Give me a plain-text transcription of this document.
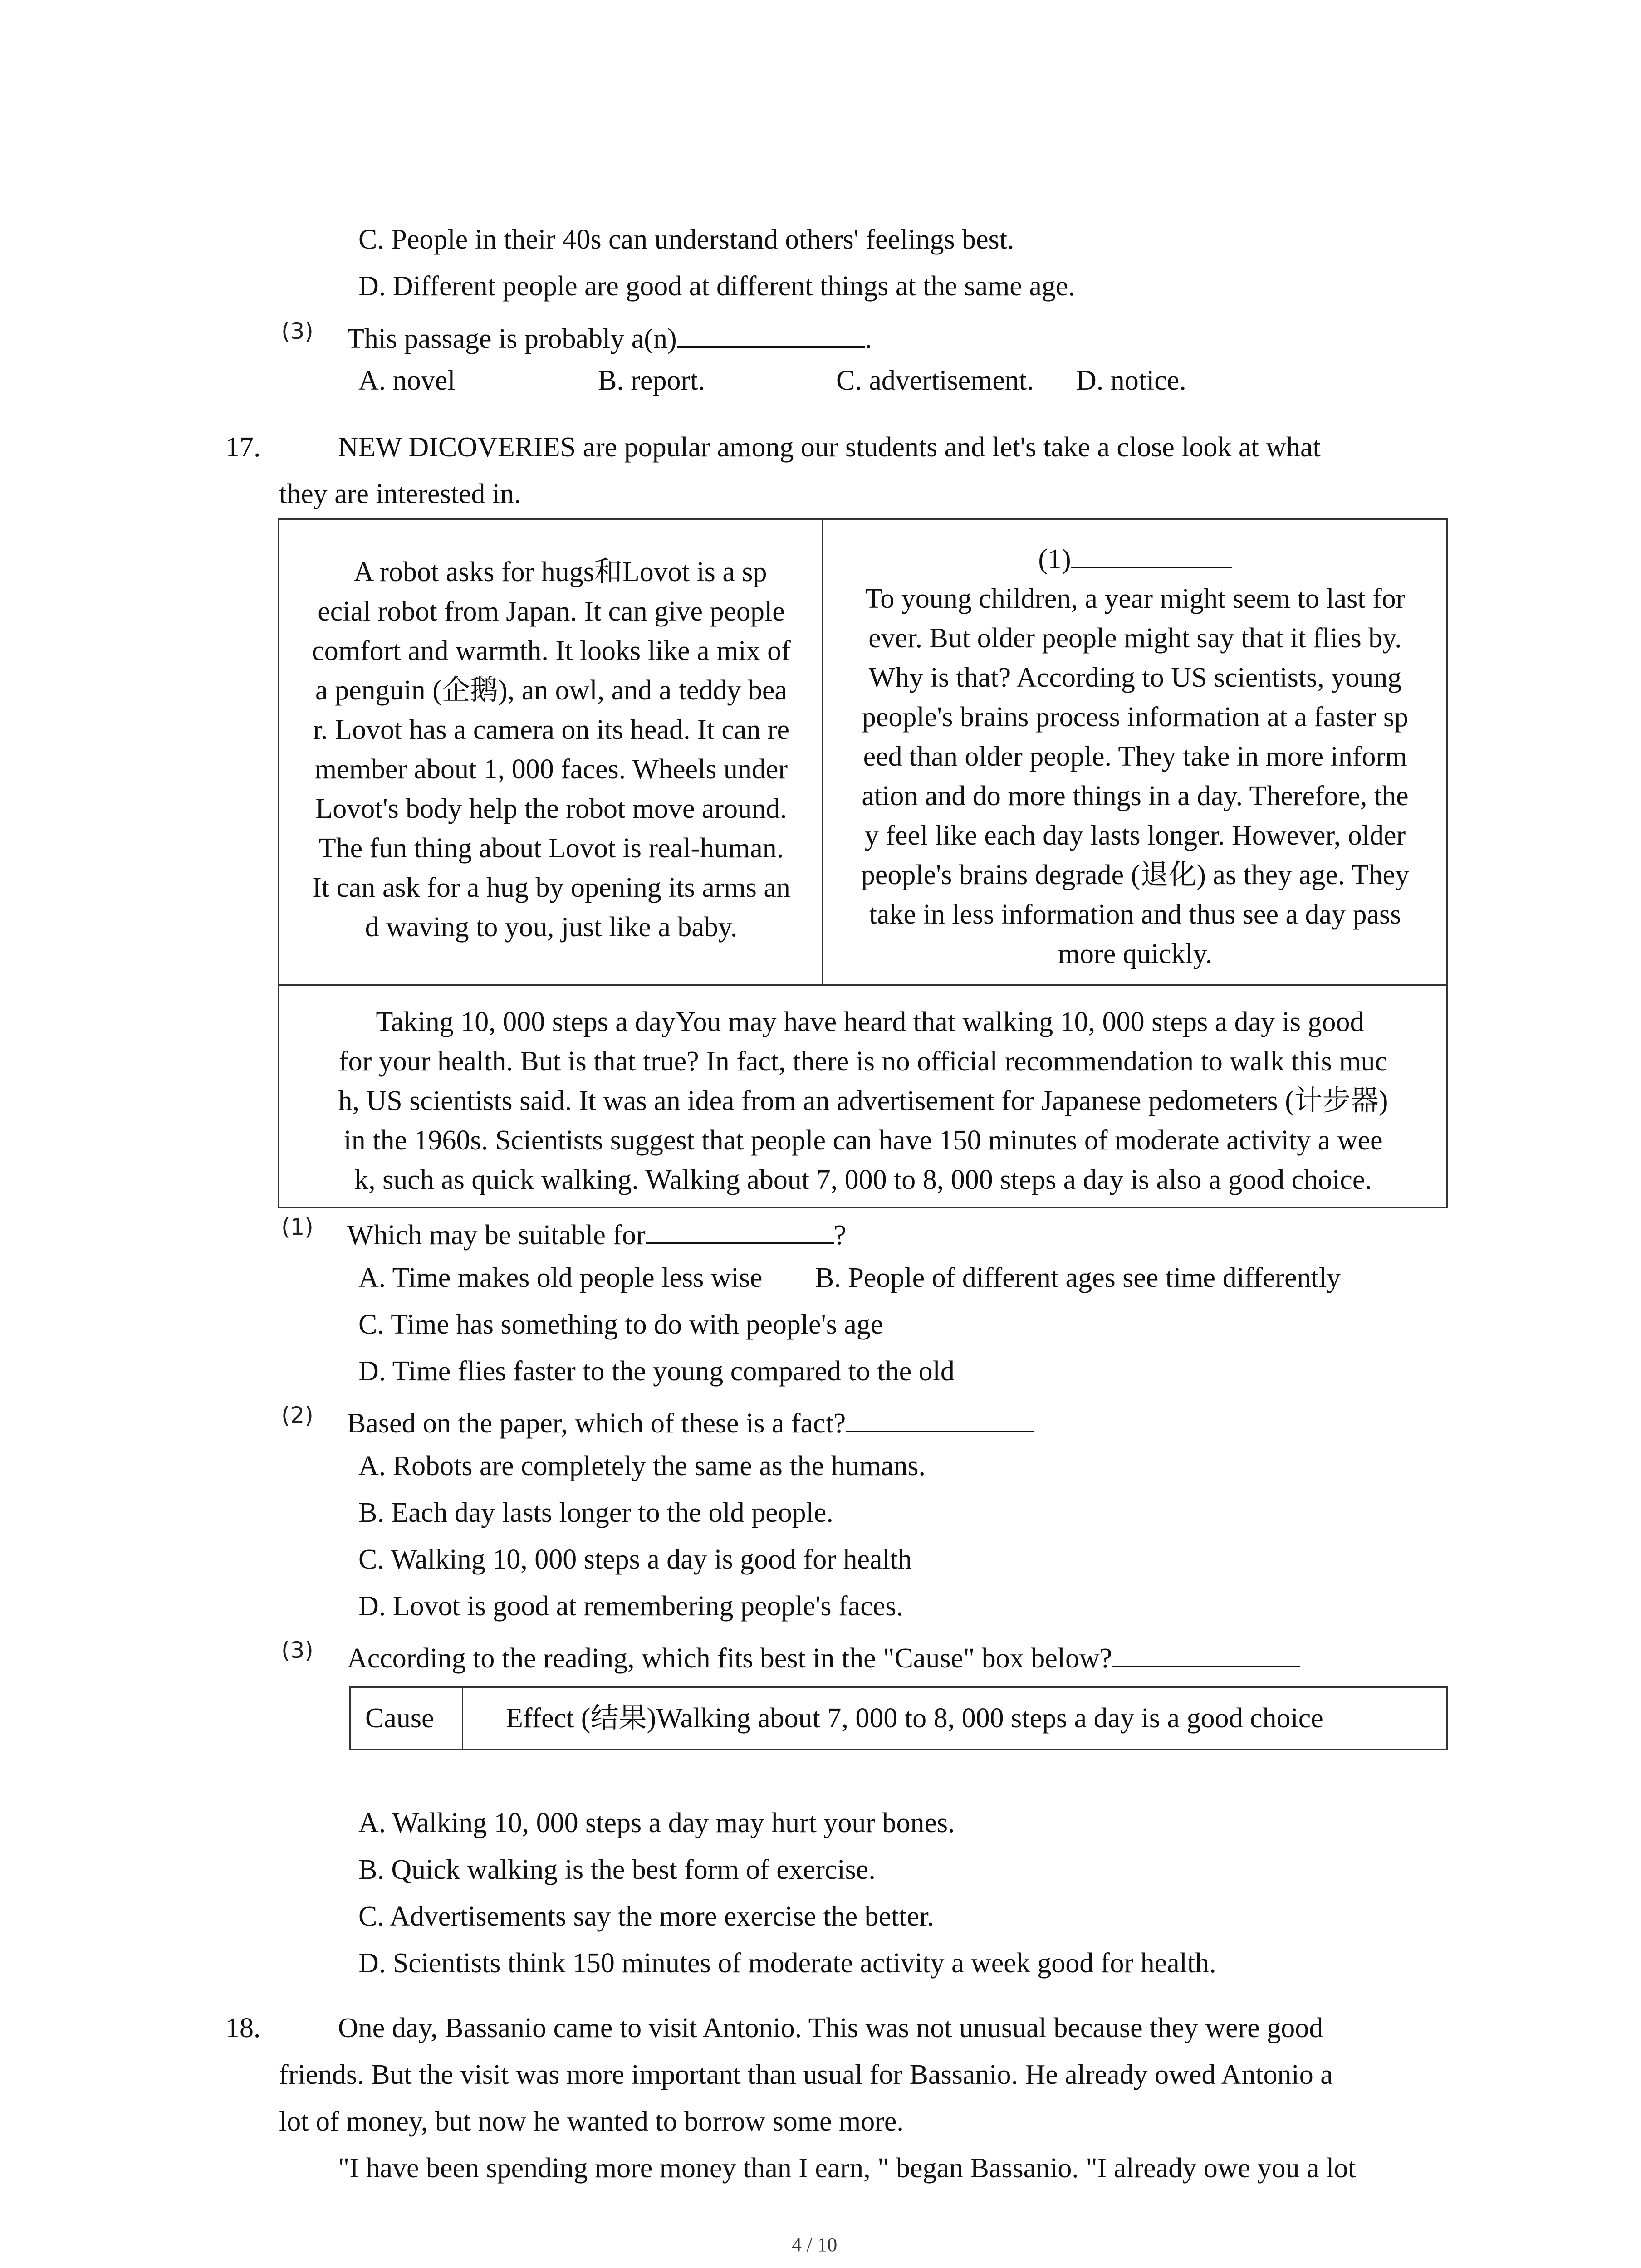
C. People in their 40s can understand others' feelings best.
D. Different people are good at different things at the same age.
(3) This passage is probably a(n)	.
A. novel	B. report.	C. advertisement. D. notice.
17.	NEW DICOVERIES are popular among our students and let's take a close look at what
they are interested in.
A robot asks for hugs和Lovot is a sp
ecial robot from Japan. It can give people
comfort and warmth. It looks like a mix of
a penguin (企鹅), an owl, and a teddy bea
r. Lovot has a camera on its head. It can re
member about 1, 000 faces. Wheels under
Lovot's body help the robot move around.
The fun thing about Lovot is real-human.
It can ask for a hug by opening its arms an
d waving to you, just like a baby.
(1)
To young children, a year might seem to last for
ever. But older people might say that it flies by.
Why is that? According to US scientists, young
people's brains process information at a faster sp
eed than older people. They take in more inform
ation and do more things in a day. Therefore, the
y feel like each day lasts longer. However, older
people's brains degrade (退化) as they age. They
take in less information and thus see a day pass
more quickly.
Taking 10, 000 steps a dayYou may have heard that walking 10, 000 steps a day is good
for your health. But is that true? In fact, there is no official recommendation to walk this muc
h, US scientists said. It was an idea from an advertisement for Japanese pedometers (计步器)
in the 1960s. Scientists suggest that people can have 150 minutes of moderate activity a wee
k, such as quick walking. Walking about 7, 000 to 8, 000 steps a day is also a good choice.
(1) Which may be suitable for	?
A. Time makes old people less wise B. People of different ages see time differently
C. Time has something to do with people's age
D. Time flies faster to the young compared to the old
(2) Based on the paper, which of these is a fact?
A. Robots are completely the same as the humans.
B. Each day lasts longer to the old people.
C. Walking 10, 000 steps a day is good for health
D. Lovot is good at remembering people's faces.
(3) According to the reading, which fits best in the "Cause" box below?
Cause	Effect (结果)Walking about 7, 000 to 8, 000 steps a day is a good choice
A. Walking 10, 000 steps a day may hurt your bones.
B. Quick walking is the best form of exercise.
C. Advertisements say the more exercise the better.
D. Scientists think 150 minutes of moderate activity a week good for health.
18.	One day, Bassanio came to visit Antonio. This was not unusual because they were good
friends. But the visit was more important than usual for Bassanio. He already owed Antonio a
lot of money, but now he wanted to borrow some more.
"I have been spending more money than I earn, " began Bassanio. "I already owe you a lot
4 / 10
